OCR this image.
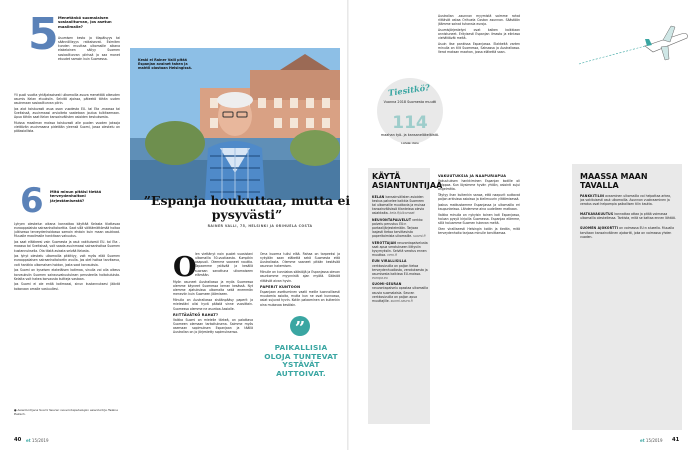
5 Menetänkö suomalaisen sosiaaliturvan, jos asetun maailmalle?

Asumisen kesto ja tilapäisyys tai säännöllisyys ratkaisevat. Esimiten kunden muuttaa ulkomaille aikana elakelainen säilyy Suomen sosiaaliturvan piirissä ja saa monet etuudet samoin kuin Suomessa.

Yli puoli vuotta yhtäjaksoisesti ulkomailla asuva menettää oikeuden asumis Kelan etuuksiin. Selvitä ajoissa, päteekö tähän uuden asuinmaan sosiaaliturvan piirin.

Jos aiot toistuvasti asua osan vuodesta EU- tai Eta -maassa tai Sveitsissä, asuinmaasi arvioiteta saatetaan joutua tulkitsemaan. Apua tähän saat Kelan kansainvälisten asioiden keskuksesta.

Muissa maailman maissa toistuvasti alle puolen vuoden jaksoja viettävän asuinmaana pidetään yleensä Suomi, jossa oleskelu on pääasiallista.

6 Mitä minun pitäisi tietää terveydenhoitoni järjestämisestä?

Lyhyen oleskelun aikana kannattaa käyttää Kelasta tilattavaa eurooppalaista sairaanhoitokorttia. Saat sillä välttämättömää hoitoa julkisessa terveydenhoidossa samoin ehdoin kuin maan asukkaat. Muualle maailmalle hankitaan vakuutus.

Jos saat eläkkeesi vain Suomesta ja asut vakituisesti EU- tai Eta -maassa tai Sveitsissä, voit saada asuinmaasi sairaanhoitoa Suomen kustannuksella. Ota tästä asiasta selvää Kelasta.

Jos lyhyt oleskelu ulkomailla pitkittyy, voit myös elää Suomen eurooppalaisen sairaanhoitokortin avulla. Jos olet hoitoa tarvitseva, voit hankkia ulkomaisen hoidon, josta saat korvauksia.

Jos Suomi on kyseisen elakeläisen kotimaa, sinulla voi olla oikeus korvauksiin Suomen sairausvakuutuksen perusteella hoitokuluista. Kelalta voit hakea korvausta kuitteja vastaan.

Jos Suomi ei ole enää kotimaasi, sinun kustannuksesi jäävät kokonaan omalle vastuullesi.

● Asiantuntijana Suomi Seuran neuvontapalvelujen asiantuntija Helena Ballaoh.
Keski ei Rainer Valli pitää Espanjan avainet tahen ja mahtii olostaan Helsingissä.
”Espanja houkuttaa, mutta ei pysyvästi”
RAINER VALLI, 75, HELSINKI JA ORIHUELA COSTA
O

len viettänyt noin puolet vuosistani ulkomailla 50-vuotiaasta. Kumpikin osapuoli. Olemme saaneet nauttia. Tapaamme ystävää ja kesällä suoraan sanottuna ulkomaiseen elämään.

Myön asuneet Australiassa ja myös Suomessa olemme käyneet Suomessa kerran kesässä. Nyt olemme ajatuksissa ulkomaita sekä enemmän meneviin kuin Suomeen jäämiseen.

Minulla on Australiassa sisäänpääsy paperit ja mielestäni olisi hyvä päästä sinne vuosittain. Suomessa olemme ne asuntoa Aasialle.

RIITTÄVÄTKÖ RAHAT?

Vaikka Suomi on mielelle tärkeä, on palattava Suomeen olemaan tarkoituksena. Saimme myös asemaan sopimuksen Espanjaan ja täällä Australian on jo järjestetty sopimuksensa.

Oma kuorma tulisi elää. Rahaa on tarpeeksi ja nykyään saan eläkettä sekä Suomesta että Australiasta. Olemme saaneet pitkän kestävää asunnon hakemisen.

Minulle on kunniakas säästöjä ja Espanjassa olevan asuntomme myynnistä ajan myötä. Säästöt riittävät aivan hyvin.

PAPERIT KUNTOON

Espanjaan asettuminen vaatii meille luonnollisesti muutamia asioita, mutta kun ne ovat kunnossa, asiat sujuvat hyvin. Kotiin palaaminen on kuitenkin aina mukavaa kesäisin.

”
PAIKALLISIA OLOJA TUNTEVAT YSTÄVÄT AUTTOIVAT.
40 et 15/2019
Tiesitkö?
Vuonna 2018 Suomesta muutti
114
maahan työ- ja kansaneläkeläistä.
Lähde: Kela
KÄYTÄ ASIANTUNTIJAA
KELAN kansainvälisten asioiden keskus palvelee kaikkia Suomeen tai ulkomaille muuttavia ja muissa kansainvälisissä tilanteissa olevia asiakkaita. kela.fi/ulkomaat
NEUVONTAPALVELUT verkko palvelu perustuu EU:n portaalijärjestelmään. Tarjoaa laajasti tietoa tarvittavista paperitoimista ulkomaille. suomi.fi
VEROTTAJAN neuvontapalvelusta saat apua verotukseen liittyviin kysymyksiin. Selvitä verotus ennen muuttoa. vero.fi
EUN VIRALLISILLA verkkosivuilla on paljon tietoa terveydenhuollosta, verotuksesta ja asumisesta kaikissa EU-maissa. europa.eu
SUOMI-SEURAN neuvontapalvelu opastaa ulkomailla asuvia suomalaisia. Seuran verkkosivuilla on paljon apua muuttajille. suomi-seura.fi

Australian -asunnon myymistä saimme rahat riittävät ostaa Orihuela Costan asunnon. Säästöön jäämme sainat tuhansia euroja.

Asumisjärjestelyni ovat kaiken kaikkiaan onnistuneet. Erityisesti Espanjan ilmasto ja elintaso viehättävät meitä.

Asuin itse pankissa Espanjassa. Elakkeitä varten minulla on tilit Suomessa, Saksassa ja Australiassa. Verot maksan maahan, jossa eläkettä saan.

VAKUUTUKSIA JA NAAPURIAPUA

Vakuutuksen hankkiminen Espanjan kodille oli helppoa. Kun löysimme hyvän yhtiön, asiointi sujui ongelmitta.

Täytyy ihan kuitenkin sanoa, että naapurit auttavat paljon arkisissa asioissa ja kielimuurin ylittämisessä.

Joskus matkustamme Espanjassa ja ulkomailla eri kaupunkeissa. Lähdemme aina uudelleen matkaan.

Vaikka minulla on nykyisin toinen koti Espanjassa, haluan pysyä kirjoilla Suomessa. Espanjaa elämme, sillä haluamme Suomen tukevan meitä.

Olen viralliseesti Helsingin kotiin ja tiedän, mitä terveydenhoito tarjoaa minulle tarvittaessa.

MAASSA MAAN TAVALLA
PANKKITILIN avaaminen ulkomailla voi helpottaa arkea, jos vakituisesti asut ulkomailla. Asunnon vuokraaminen ja verotus ovat helpompia paikallisen tilin kautta.
MATKAVAKUUTUS kannattaa ottaa ja pitää voimassa ulkomailla oleskellessa. Tarkista, mitä se kattaa ennen lähtöä.
SUOMEN AJOKORTTI on voimassa EU:n alueella. Muualla tarvitaan kansainvälinen ajokortti, joka on voimassa yhden vuoden.
et 15/2019 41
